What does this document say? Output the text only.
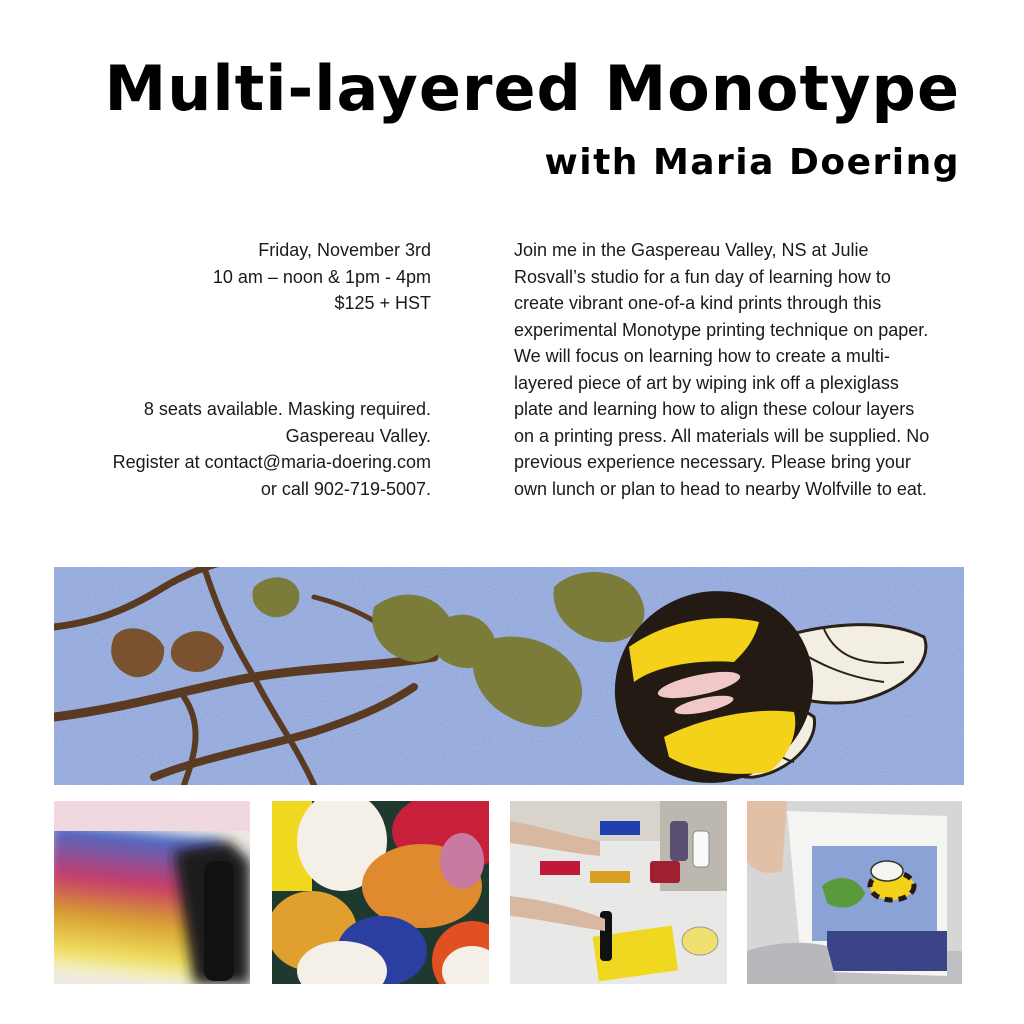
Multi-layered Monotype
with Maria Doering
Friday, November 3rd
10 am – noon & 1pm - 4pm
$125 + HST
8 seats available. Masking required.
Gaspereau Valley.
Register at contact@maria-doering.com
or call 902-719-5007.
Join me in the Gaspereau Valley, NS at Julie
Rosvall’s studio for a fun day of learning how to
create vibrant one-of-a kind prints through this
experimental Monotype printing technique on paper.
We will focus on learning how to create a multi-
layered piece of art by wiping ink off a plexiglass
plate and learning how to align these colour layers
on a printing press. All materials will be supplied. No
previous experience necessary. Please bring your
own lunch or plan to head to nearby Wolfville to eat.
